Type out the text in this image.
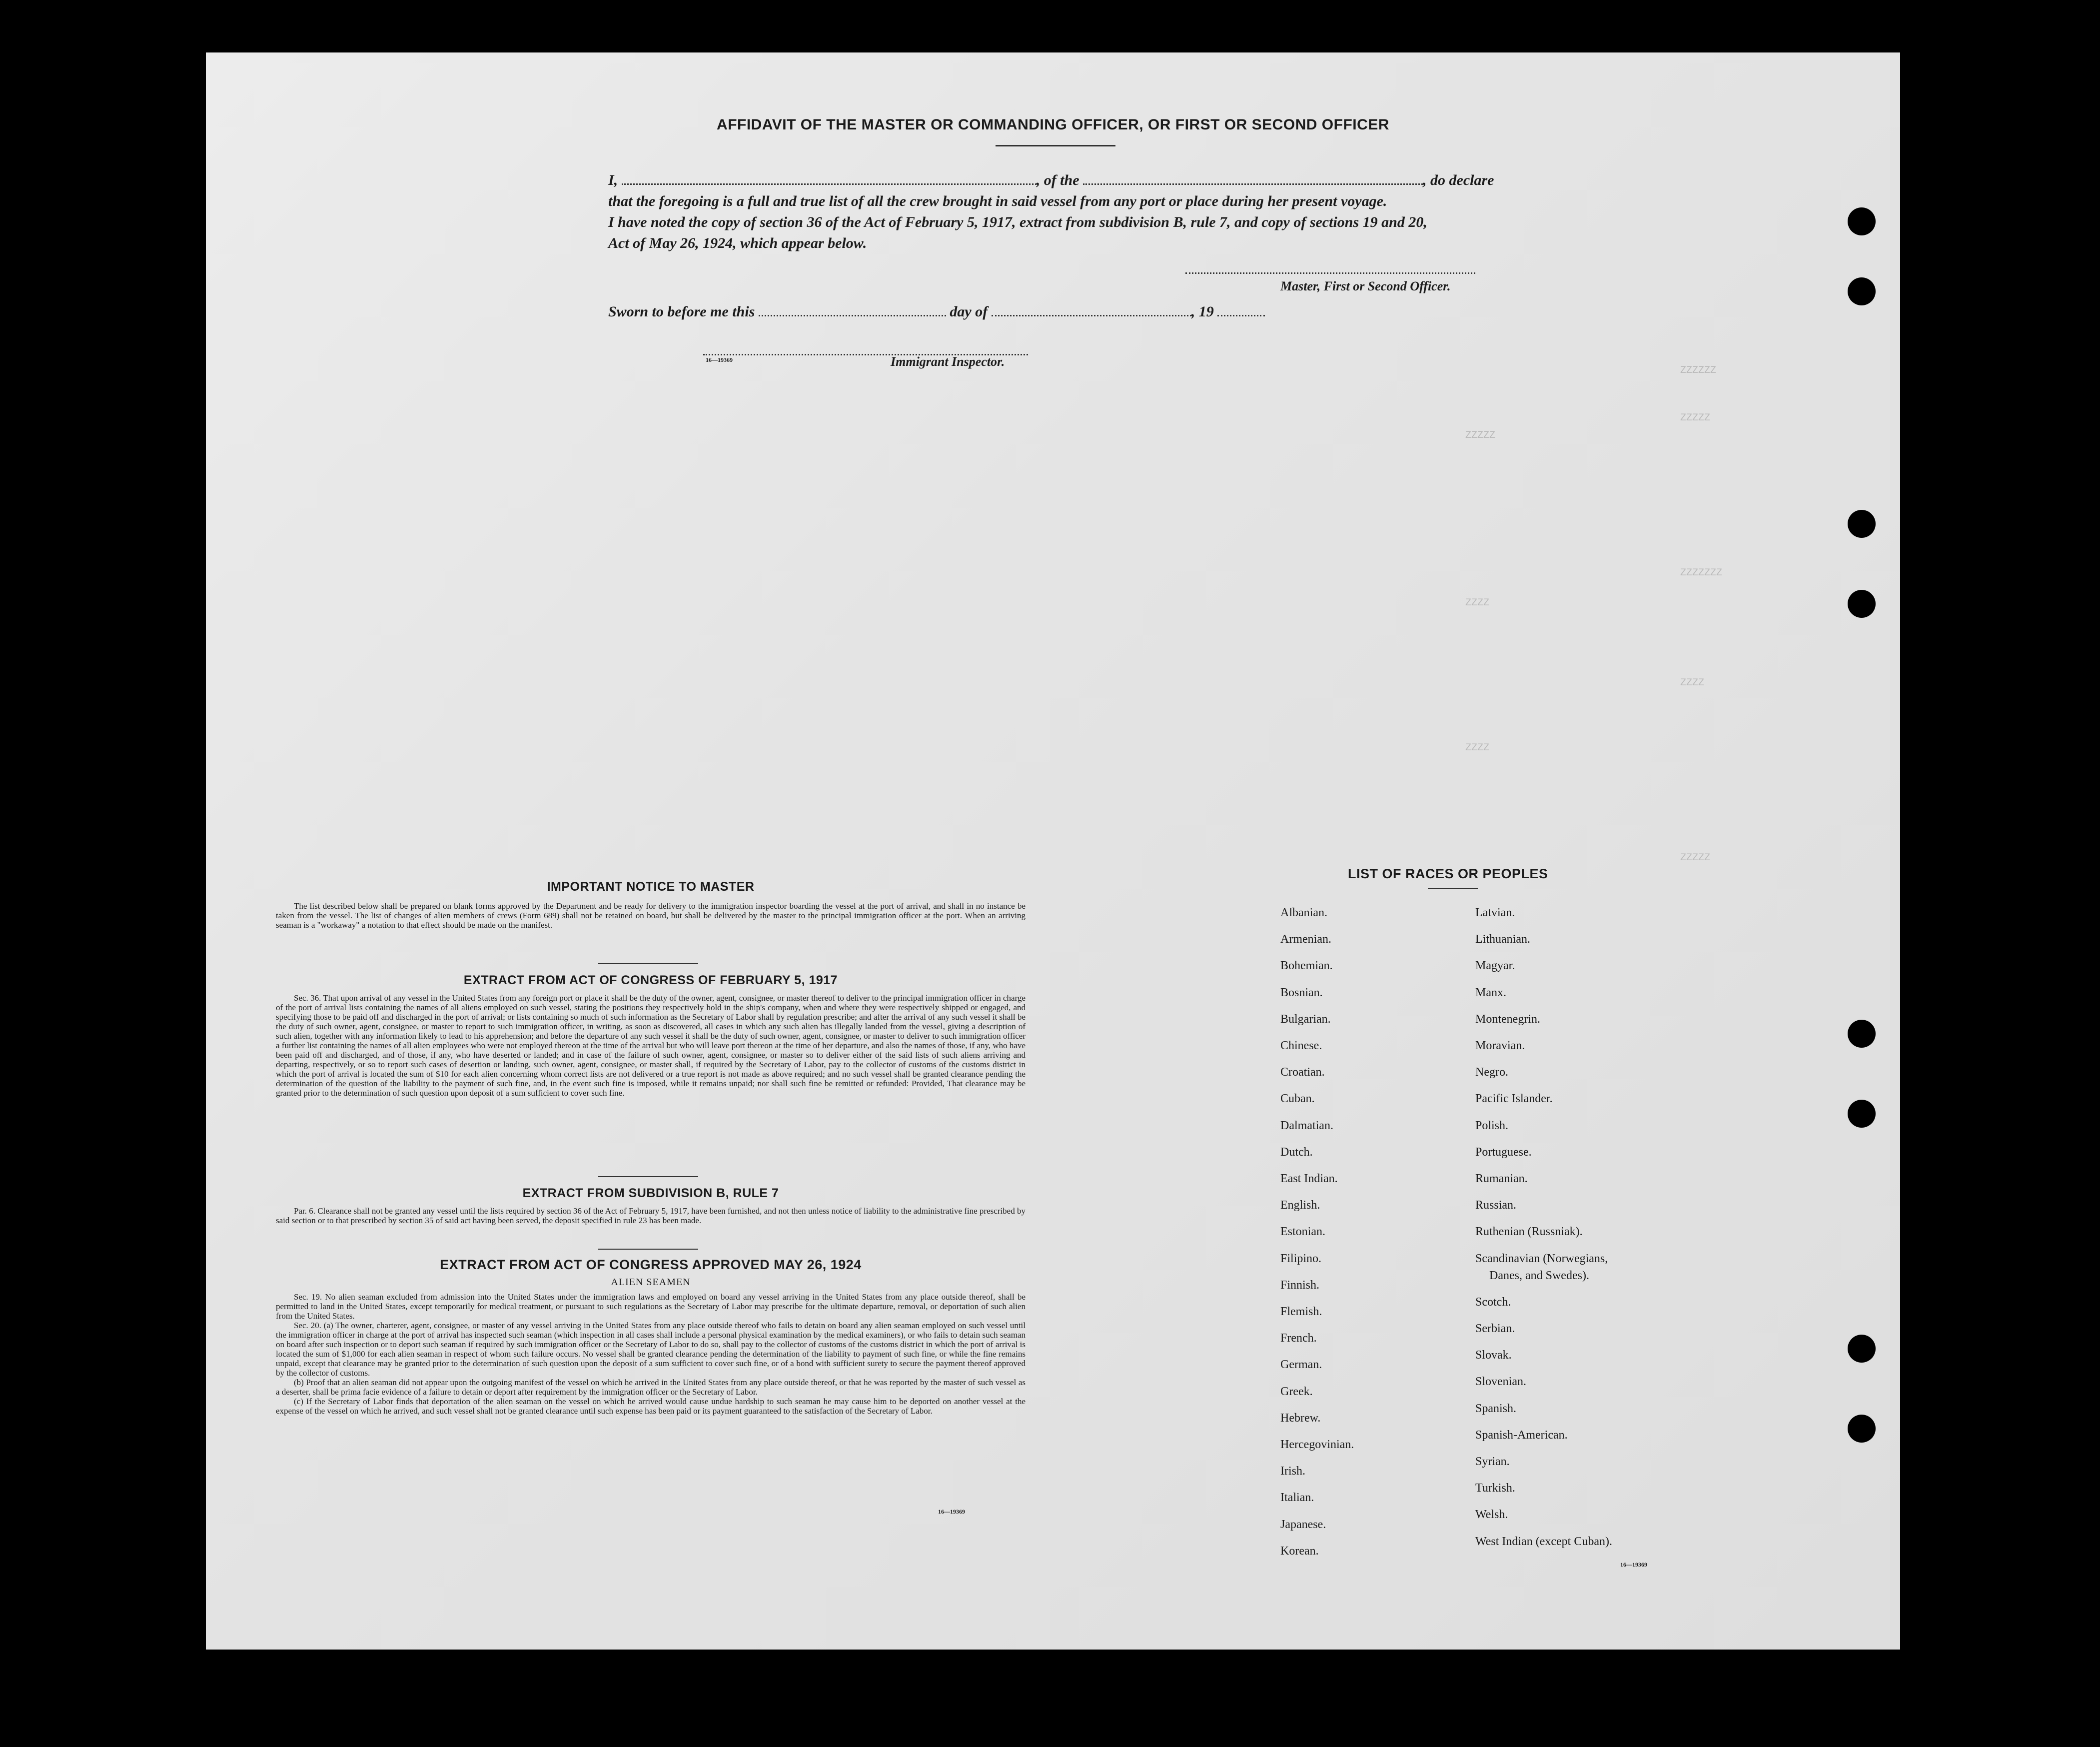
ZZZZZZ
ZZZZZ
ZZZZZZZ
ZZZZ
ZZZZZ
ZZZZZ
ZZZZ
ZZZZ
AFFIDAVIT OF THE MASTER OR COMMANDING OFFICER, OR FIRST OR SECOND OFFICER
I,	, of the	, do declare
that the foregoing is a full and true list of all the crew brought in said vessel from any port or place during her present voyage.
I have noted the copy of section 36 of the Act of February 5, 1917, extract from subdivision B, rule 7, and copy of sections 19 and 20,
Act of May 26, 1924, which appear below.
Master, First or Second Officer.
Sworn to before me this	day of	, 19
16—19369	Immigrant Inspector.
IMPORTANT NOTICE TO MASTER

The list described below shall be prepared on blank forms approved by the Department and be ready for delivery to the immigration inspector boarding the vessel at the port of arrival, and shall in no instance be taken from the vessel. The list of changes of alien members of crews (Form 689) shall not be retained on board, but shall be delivered by the master to the principal immigration officer at the port. When an arriving seaman is a "workaway" a notation to that effect should be made on the manifest.

EXTRACT FROM ACT OF CONGRESS OF FEBRUARY 5, 1917

Sec. 36. That upon arrival of any vessel in the United States from any foreign port or place it shall be the duty of the owner, agent, consignee, or master thereof to deliver to the principal immigration officer in charge of the port of arrival lists containing the names of all aliens employed on such vessel, stating the positions they respectively hold in the ship's company, when and where they were respectively shipped or engaged, and specifying those to be paid off and discharged in the port of arrival; or lists containing so much of such information as the Secretary of Labor shall by regulation prescribe; and after the arrival of any such vessel it shall be the duty of such owner, agent, consignee, or master to report to such immigration officer, in writing, as soon as discovered, all cases in which any such alien has illegally landed from the vessel, giving a description of such alien, together with any information likely to lead to his apprehension; and before the departure of any such vessel it shall be the duty of such owner, agent, consignee, or master to deliver to such immigration officer a further list containing the names of all alien employees who were not employed thereon at the time of the arrival but who will leave port thereon at the time of her departure, and also the names of those, if any, who have been paid off and discharged, and of those, if any, who have deserted or landed; and in case of the failure of such owner, agent, consignee, or master so to deliver either of the said lists of such aliens arriving and departing, respectively, or so to report such cases of desertion or landing, such owner, agent, consignee, or master shall, if required by the Secretary of Labor, pay to the collector of customs of the customs district in which the port of arrival is located the sum of $10 for each alien concerning whom correct lists are not delivered or a true report is not made as above required; and no such vessel shall be granted clearance pending the determination of the question of the liability to the payment of such fine, and, in the event such fine is imposed, while it remains unpaid; nor shall such fine be remitted or refunded: Provided, That clearance may be granted prior to the determination of such question upon deposit of a sum sufficient to cover such fine.

EXTRACT FROM SUBDIVISION B, RULE 7

Par. 6. Clearance shall not be granted any vessel until the lists required by section 36 of the Act of February 5, 1917, have been furnished, and not then unless notice of liability to the administrative fine prescribed by said section or to that prescribed by section 35 of said act having been served, the deposit specified in rule 23 has been made.

EXTRACT FROM ACT OF CONGRESS APPROVED MAY 26, 1924
ALIEN SEAMEN

Sec. 19. No alien seaman excluded from admission into the United States under the immigration laws and employed on board any vessel arriving in the United States from any place outside thereof, shall be permitted to land in the United States, except temporarily for medical treatment, or pursuant to such regulations as the Secretary of Labor may prescribe for the ultimate departure, removal, or deportation of such alien from the United States.

Sec. 20. (a) The owner, charterer, agent, consignee, or master of any vessel arriving in the United States from any place outside thereof who fails to detain on board any alien seaman employed on such vessel until the immigration officer in charge at the port of arrival has inspected such seaman (which inspection in all cases shall include a personal physical examination by the medical examiners), or who fails to detain such seaman on board after such inspection or to deport such seaman if required by such immigration officer or the Secretary of Labor to do so, shall pay to the collector of customs of the customs district in which the port of arrival is located the sum of $1,000 for each alien seaman in respect of whom such failure occurs. No vessel shall be granted clearance pending the determination of the liability to payment of such fine, or while the fine remains unpaid, except that clearance may be granted prior to the determination of such question upon the deposit of a sum sufficient to cover such fine, or of a bond with sufficient surety to secure the payment thereof approved by the collector of customs.

(b) Proof that an alien seaman did not appear upon the outgoing manifest of the vessel on which he arrived in the United States from any place outside thereof, or that he was reported by the master of such vessel as a deserter, shall be prima facie evidence of a failure to detain or deport after requirement by the immigration officer or the Secretary of Labor.

(c) If the Secretary of Labor finds that deportation of the alien seaman on the vessel on which he arrived would cause undue hardship to such seaman he may cause him to be deported on another vessel at the expense of the vessel on which he arrived, and such vessel shall not be granted clearance until such expense has been paid or its payment guaranteed to the satisfaction of the Secretary of Labor.

16—19369
LIST OF RACES OR PEOPLES
16—19369
Albanian.
Armenian.
Bohemian.
Bosnian.
Bulgarian.
Chinese.
Croatian.
Cuban.
Dalmatian.
Dutch.
East Indian.
English.
Estonian.
Filipino.
Finnish.
Flemish.
French.
German.
Greek.
Hebrew.
Hercegovinian.
Irish.
Italian.
Japanese.
Korean.
Latvian.
Lithuanian.
Magyar.
Manx.
Montenegrin.
Moravian.
Negro.
Pacific Islander.
Polish.
Portuguese.
Rumanian.
Russian.
Ruthenian (Russniak).
Scandinavian (Norwegians,
Danes, and Swedes).
Scotch.
Serbian.
Slovak.
Slovenian.
Spanish.
Spanish-American.
Syrian.
Turkish.
Welsh.
West Indian (except Cuban).
